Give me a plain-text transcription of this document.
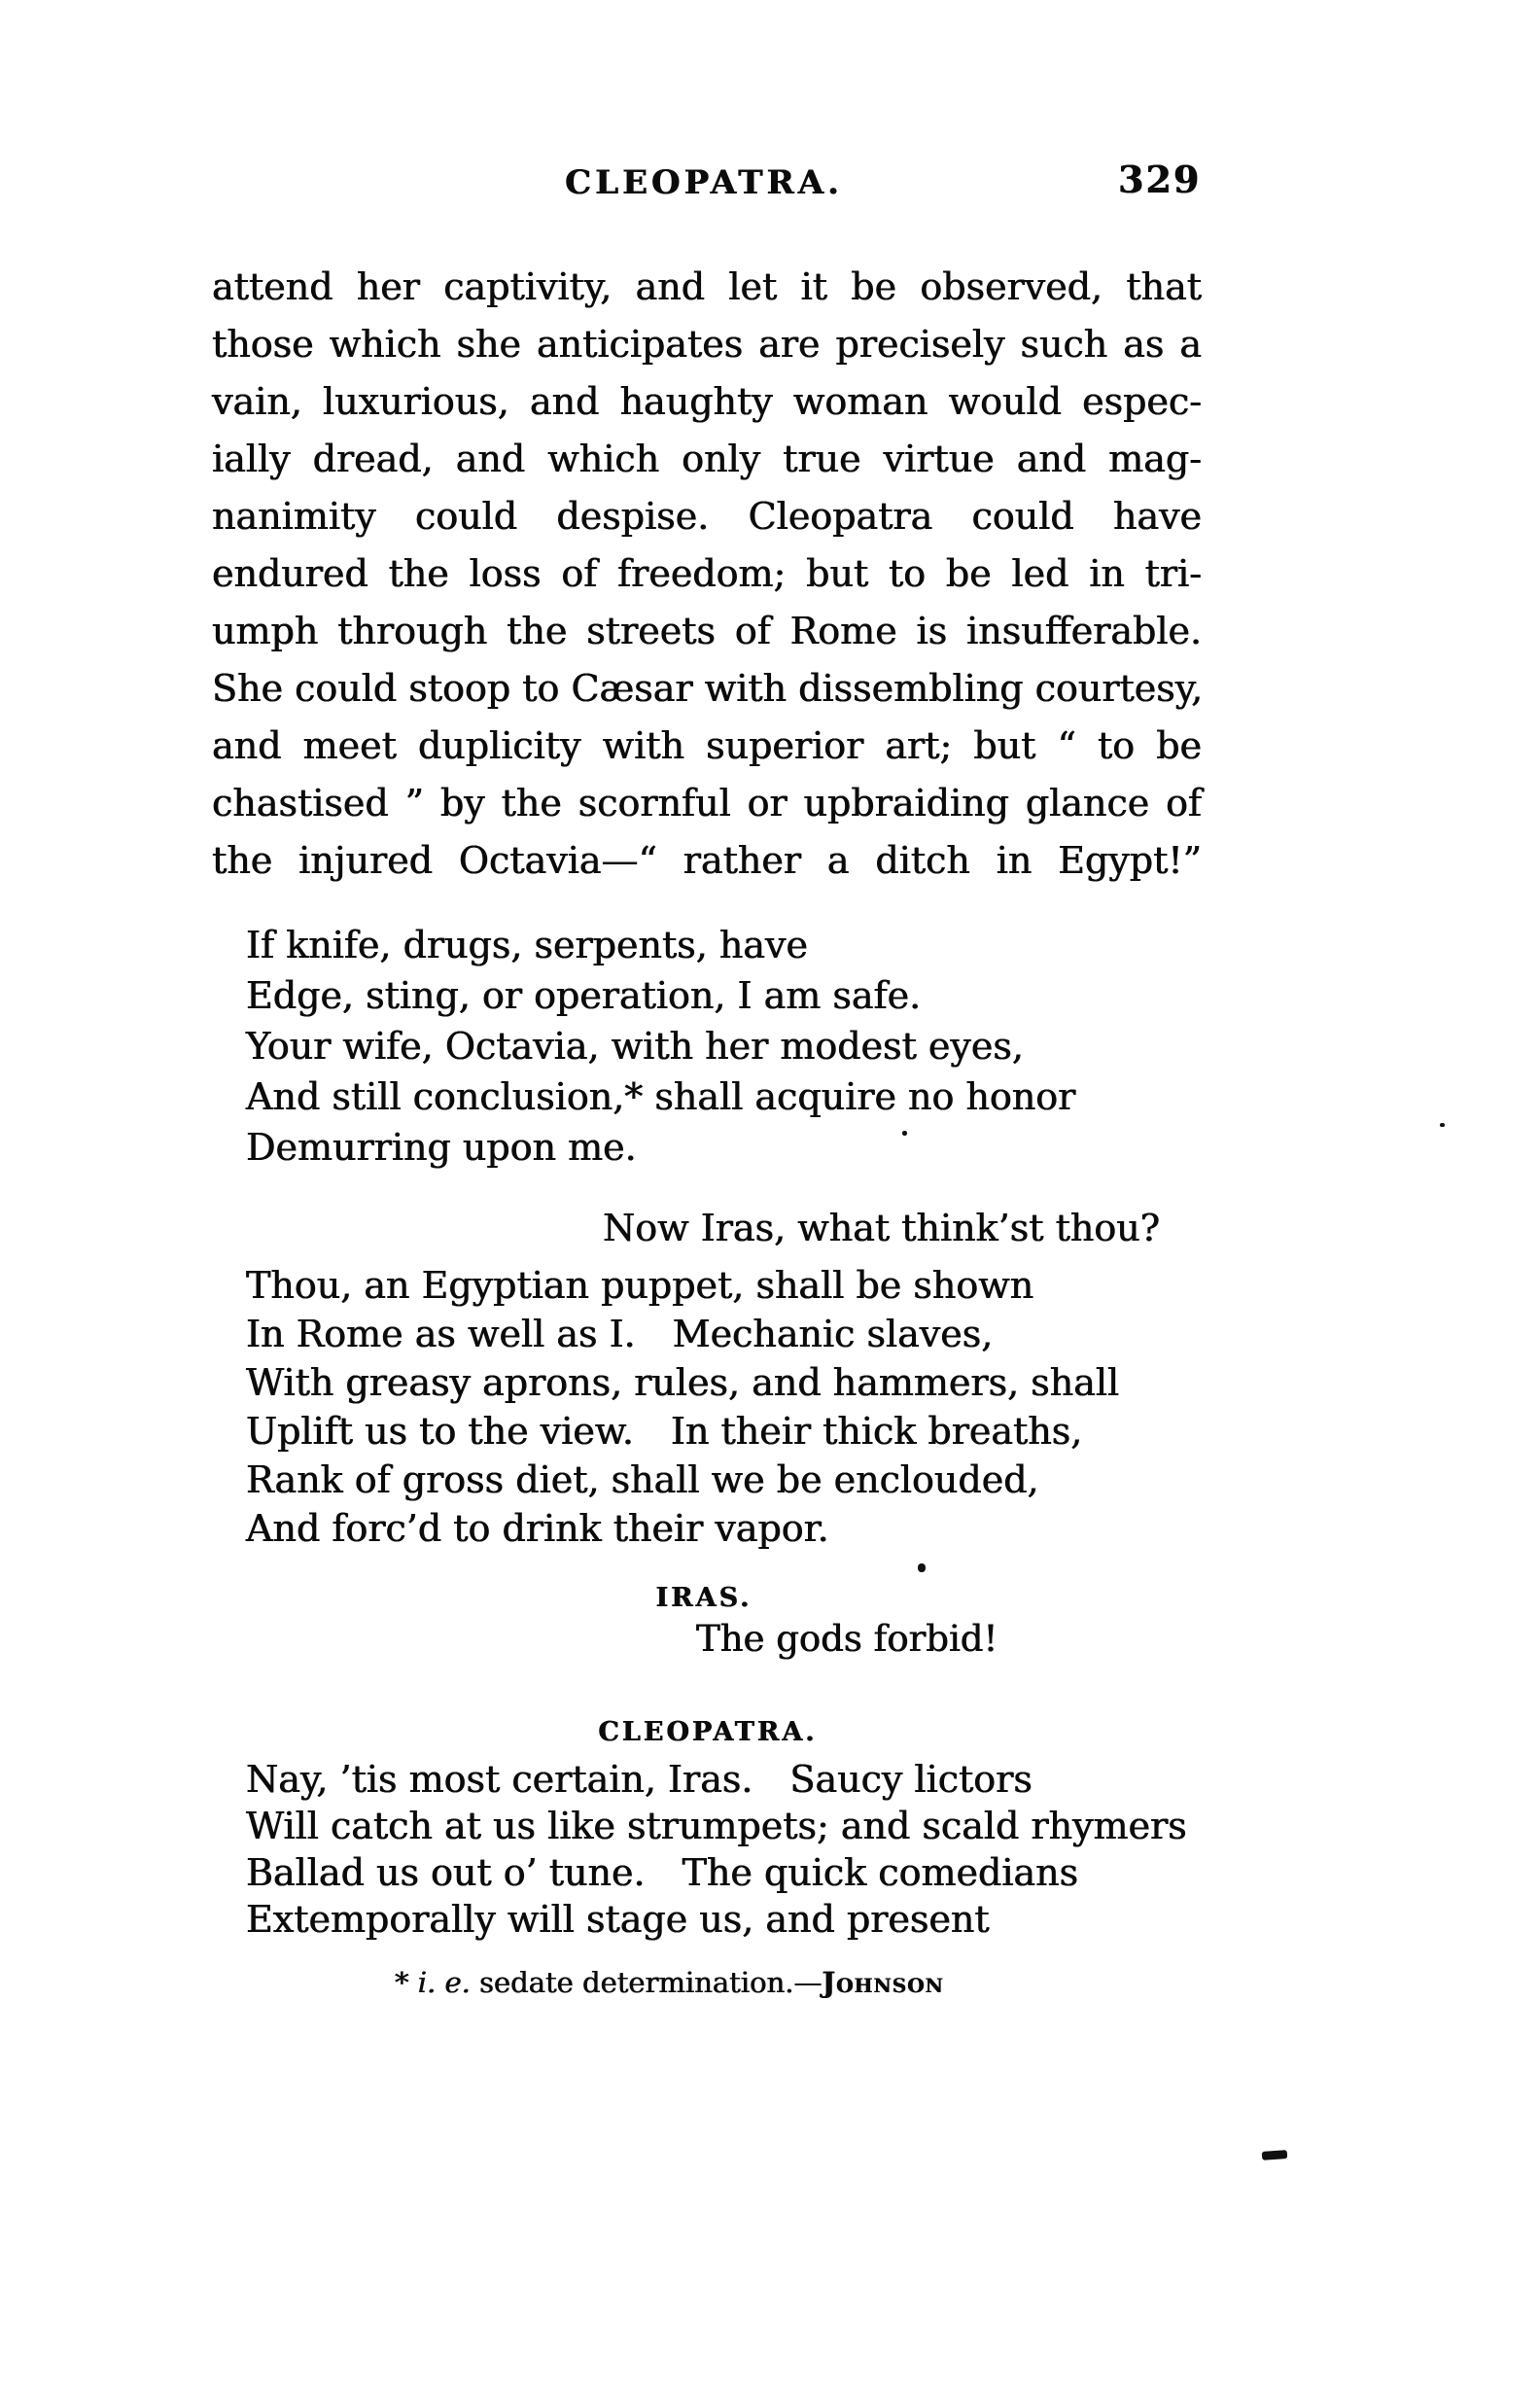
CLEOPATRA.	329
attend her captivity, and let it be observed, that
those which she anticipates are precisely such as a
vain, luxurious, and haughty woman would espec-
ially dread, and which only true virtue and mag-
nanimity could despise. Cleopatra could have
endured the loss of freedom; but to be led in tri-
umph through the streets of Rome is insufferable.
She could stoop to Cæsar with dissembling courtesy,
and meet duplicity with superior art; but “ to be
chastised ” by the scornful or upbraiding glance of
the injured Octavia—“ rather a ditch in Egypt!”
If knife, drugs, serpents, have
Edge, sting, or operation, I am safe.
Your wife, Octavia, with her modest eyes,
And still conclusion,* shall acquire no honor
Demurring upon me.
Now Iras, what think’st thou?
Thou, an Egyptian puppet, shall be shown
In Rome as well as I.  Mechanic slaves,
With greasy aprons, rules, and hammers, shall
Uplift us to the view.  In their thick breaths,
Rank of gross diet, shall we be enclouded,
And forc’d to drink their vapor.
IRAS.
The gods forbid!
CLEOPATRA.
Nay, ’tis most certain, Iras.  Saucy lictors
Will catch at us like strumpets; and scald rhymers
Ballad us out o’ tune.  The quick comedians
Extemporally will stage us, and present
* i. e. sedate determination.—Johnson
